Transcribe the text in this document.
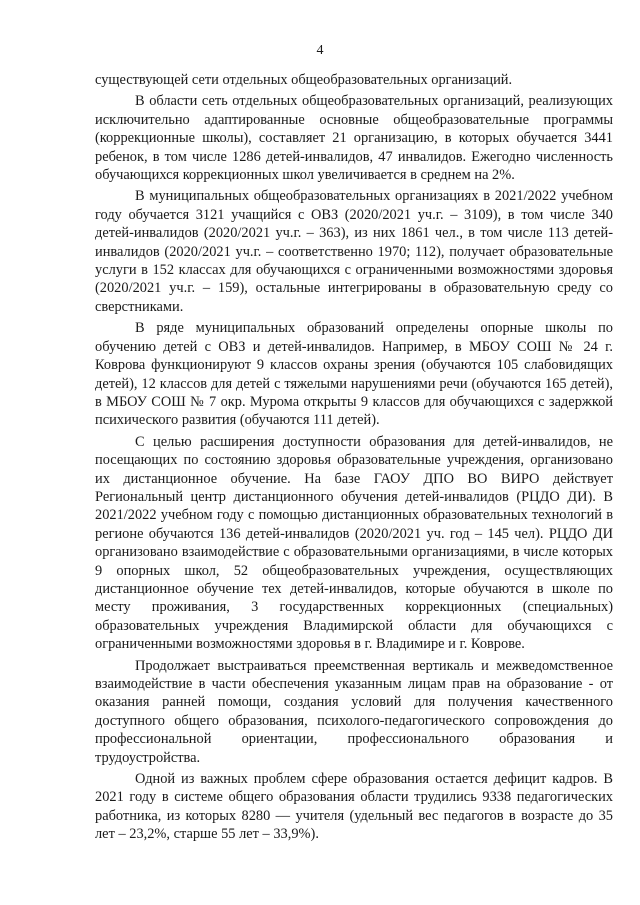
4

существующей сети отдельных общеобразовательных организаций.

В области сеть отдельных общеобразовательных организаций, реализующих исключительно адаптированные основные общеобразовательные программы (коррекционные школы), составляет 21 организацию, в которых обучается 3441 ребенок, в том числе 1286 детей-инвалидов, 47 инвалидов. Ежегодно численность обучающихся коррекционных школ увеличивается в среднем на 2%.

В муниципальных общеобразовательных организациях в 2021/2022 учебном году обучается 3121 учащийся с ОВЗ (2020/2021 уч.г. – 3109), в том числе 340 детей-инвалидов (2020/2021 уч.г. – 363), из них 1861 чел., в том числе 113 детей-инвалидов (2020/2021 уч.г. – соответственно 1970; 112), получает образовательные услуги в 152 классах для обучающихся с ограниченными возможностями здоровья (2020/2021 уч.г. – 159), остальные интегрированы в образовательную среду со сверстниками.

В ряде муниципальных образований определены опорные школы по обучению детей с ОВЗ и детей-инвалидов. Например, в МБОУ СОШ № 24 г. Коврова функционируют 9 классов охраны зрения (обучаются 105 слабовидящих детей), 12 классов для детей с тяжелыми нарушениями речи (обучаются 165 детей), в МБОУ СОШ № 7 окр. Мурома открыты 9 классов для обучающихся с задержкой психического развития (обучаются 111 детей).

С целью расширения доступности образования для детей-инвалидов, не посещающих по состоянию здоровья образовательные учреждения, организовано их дистанционное обучение. На базе ГАОУ ДПО ВО ВИРО действует Региональный центр дистанционного обучения детей-инвалидов (РЦДО ДИ). В 2021/2022 учебном году с помощью дистанционных образовательных технологий в регионе обучаются 136 детей-инвалидов (2020/2021 уч. год – 145 чел). РЦДО ДИ организовано взаимодействие с образовательными организациями, в числе которых 9 опорных школ, 52 общеобразовательных учреждения, осуществляющих дистанционное обучение тех детей-инвалидов, которые обучаются в школе по месту проживания, 3 государственных коррекционных (специальных) образовательных учреждения Владимирской области для обучающихся с ограниченными возможностями здоровья в г. Владимире и г. Коврове.

Продолжает выстраиваться преемственная вертикаль и межведомственное взаимодействие в части обеспечения указанным лицам прав на образование - от оказания ранней помощи, создания условий для получения качественного доступного общего образования, психолого-педагогического сопровождения до профессиональной ориентации, профессионального образования и трудоустройства.

Одной из важных проблем сфере образования остается дефицит кадров. В 2021 году в системе общего образования области трудились 9338 педагогических работника, из которых 8280 — учителя (удельный вес педагогов в возрасте до 35 лет – 23,2%, старше 55 лет – 33,9%).
